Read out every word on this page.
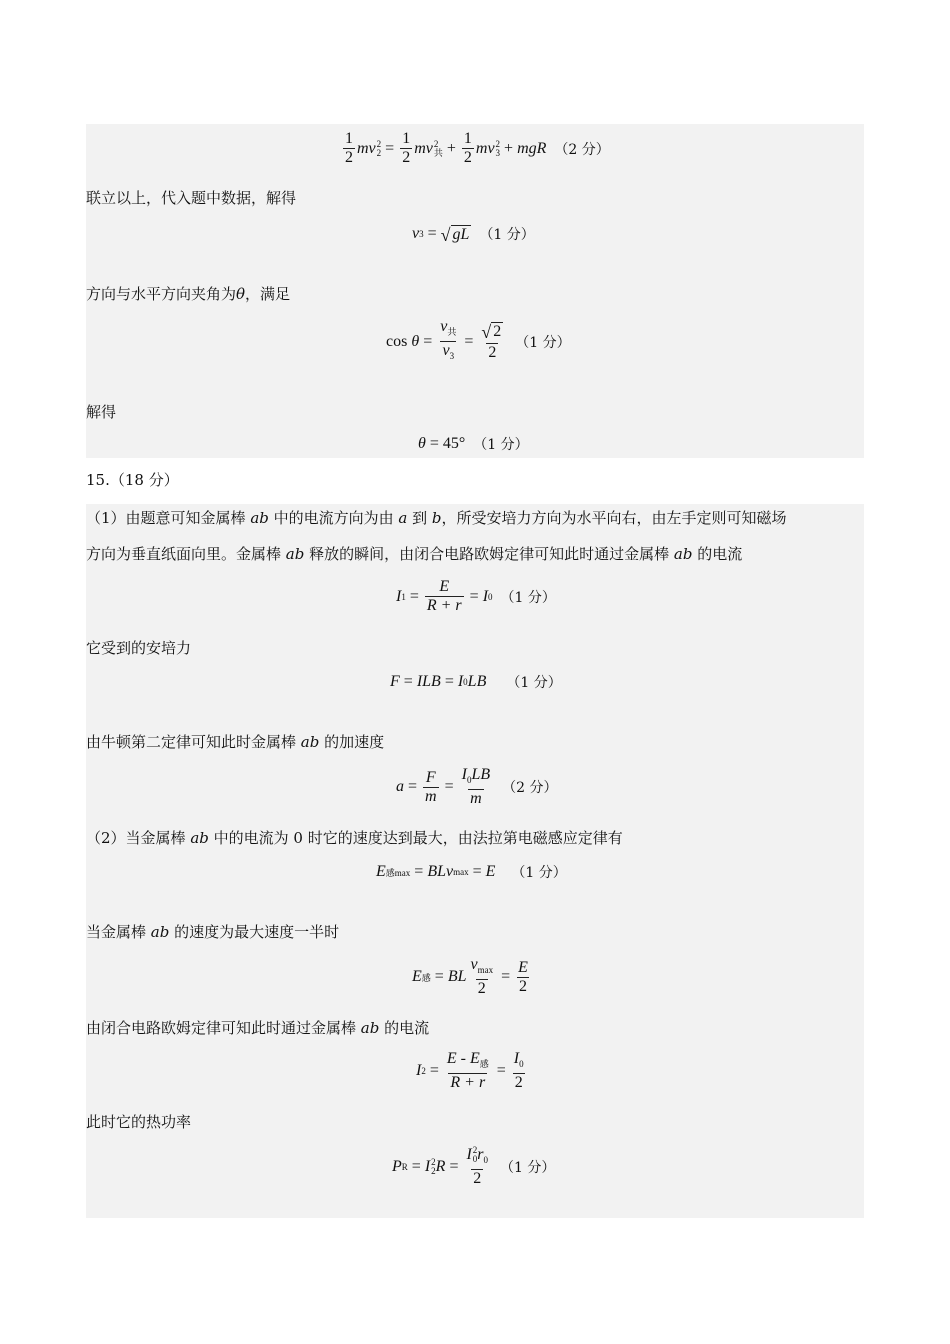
$\frac{1}{2}$ mv 2
$2 = \frac{1}{2}$ mv 2
共 + $\frac{1}{2}$ mv 2
3 + mgR （2 分）
联立以上，代入题中数据，解得
v 3 = √ gL （1 分）
方向与水平方向夹角为θ，满足
cos
$\theta = \frac{v_共}{v_3} = \frac{√ 2}{2} (1$ 分）
解得
θ = 45° （1 分）
15.（18 分）
（1）由题意可知金属棒 ab 中的电流方向为由 a 到 b，所受安培力方向为水平向右，由左手定则可知磁场
方向为垂直纸面向里。金属棒 ab 释放的瞬间，由闭合电路欧姆定律可知此时通过金属棒 ab 的电流
I $1 = \frac{E}{R + r} = I$ 0 （1 分）
它受到的安培力
F = ILB = I 0 LB （1 分）
由牛顿第二定律可知此时金属棒 ab 的加速度
$a = \frac{F}{m} = \frac{I_0LB}{m} (2$ 分）
（2）当金属棒 ab 中的电流为 0 时它的速度达到最大，由法拉第电磁感应定律有
E 感max = BLv max = E （1 分）
当金属棒 ab 的速度为最大速度一半时
E 感 = BL $\frac{v_{max}}{2} = \frac{E}{2}$
由闭合电路欧姆定律可知此时通过金属棒 ab 的电流
I $2 = \frac{E - E_感}{R + r} = \frac{I_0}{2}$
此时它的热功率
P R = I 2
2 R = I 2
0 $r_0$
2 （1 分）
